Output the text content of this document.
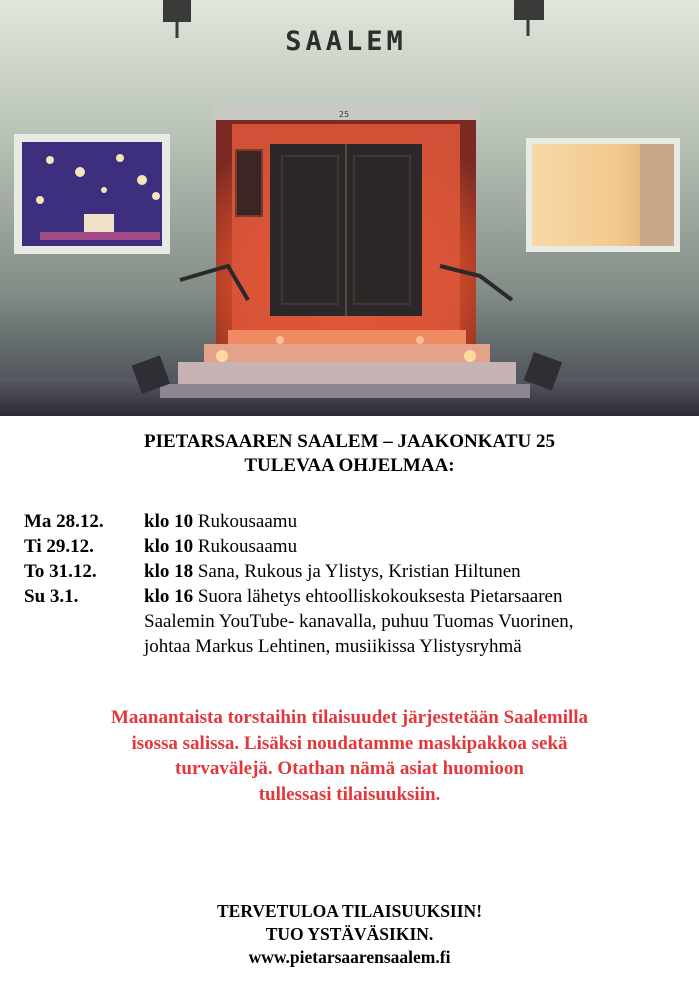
SAALEM
25
PIETARSAAREN SAALEM – JAAKONKATU 25
TULEVAA OHJELMAA:
Ma 28.12.	klo 10 Rukousaamu
Ti 29.12.	klo 10 Rukousaamu
To 31.12.	klo 18 Sana, Rukous ja Ylistys, Kristian Hiltunen
Su 3.1.	klo 16 Suora lähetys ehtoolliskokouksesta Pietarsaaren
Saalemin YouTube- kanavalla, puhuu Tuomas Vuorinen,
johtaa Markus Lehtinen, musiikissa Ylistysryhmä
Maanantaista torstaihin tilaisuudet järjestetään Saalemilla
isossa salissa. Lisäksi noudatamme maskipakkoa sekä
turvavälejä. Otathan nämä asiat huomioon
tullessasi tilaisuuksiin.
TERVETULOA TILAISUUKSIIN!
TUO YSTÄVÄSIKIN.
www.pietarsaarensaalem.fi
